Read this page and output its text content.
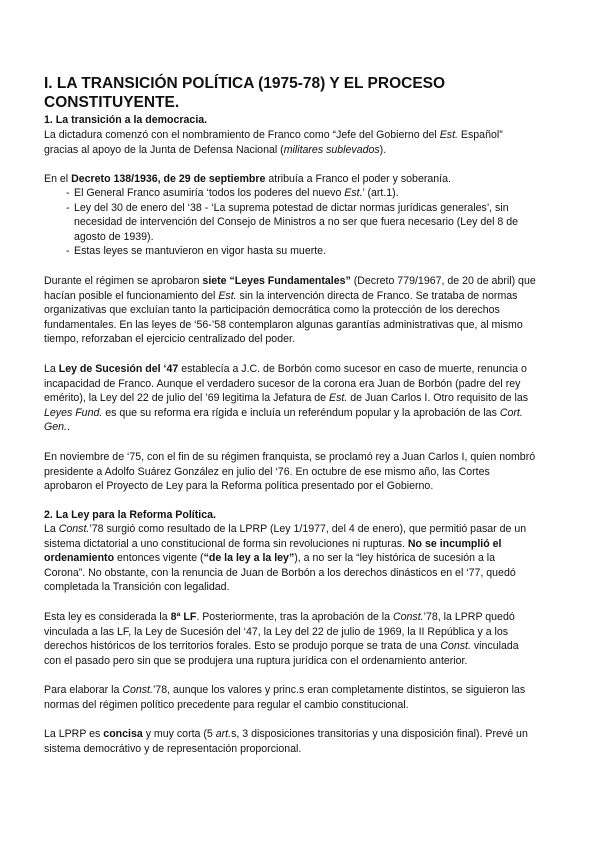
I. LA TRANSICIÓN POLÍTICA (1975-78) Y EL PROCESO
CONSTITUYENTE.
1. La transición a la democracia.

La dictadura comenzó con el nombramiento de Franco como “Jefe del Gobierno del Est. Español”
gracias al apoyo de la Junta de Defensa Nacional (militares sublevados).

En el Decreto 138/1936, de 29 de septiembre atribuía a Franco el poder y soberanía.

- El General Franco asumiría ‘todos los poderes del nuevo Est.’ (art.1).
- Ley del 30 de enero del ‘38 - ‘La suprema potestad de dictar normas jurídicas generales’, sin
necesidad de intervención del Consejo de Ministros a no ser que fuera necesario (Ley del 8 de
agosto de 1939).
- Estas leyes se mantuvieron en vigor hasta su muerte.

Durante el régimen se aprobaron siete “Leyes Fundamentales” (Decreto 779/1967, de 20 de abril) que
hacían posible el funcionamiento del Est. sin la intervención directa de Franco. Se trataba de normas
organizativas que excluían tanto la participación democrática como la protección de los derechos
fundamentales. En las leyes de ‘56-’58 contemplaron algunas garantías administrativas que, al mismo
tiempo, reforzaban el ejercicio centralizado del poder.

La Ley de Sucesión del ‘47 establecía a J.C. de Borbón como sucesor en caso de muerte, renuncia o
incapacidad de Franco. Aunque el verdadero sucesor de la corona era Juan de Borbón (padre del rey
emérito), la Ley del 22 de julio del ’69 legitima la Jefatura de Est. de Juan Carlos I. Otro requisito de las
Leyes Fund. es que su reforma era rígida e incluía un referéndum popular y la aprobación de las Cort.
Gen..

En noviembre de ‘75, con el fin de su régimen franquista, se proclamó rey a Juan Carlos I, quien nombró
presidente a Adolfo Suárez González en julio del ‘76. En octubre de ese mismo año, las Cortes
aprobaron el Proyecto de Ley para la Reforma política presentado por el Gobierno.

2. La Ley para la Reforma Política.

La Const.’78 surgió como resultado de la LPRP (Ley 1/1977, del 4 de enero), que permitió pasar de un
sistema dictatorial a uno constitucional de forma sin revoluciones ni rupturas. No se incumplió el
ordenamiento entonces vigente (“de la ley a la ley”), a no ser la “ley histórica de sucesión a la
Corona”. No obstante, con la renuncia de Juan de Borbón a los derechos dinásticos en el ‘77, quedó
completada la Transición con legalidad.

Esta ley es considerada la 8ª LF. Posteriormente, tras la aprobación de la Const.’78, la LPRP quedó
vinculada a las LF, la Ley de Sucesión del ‘47, la Ley del 22 de julio de 1969, la II República y a los
derechos históricos de los territorios forales. Esto se produjo porque se trata de una Const. vinculada
con el pasado pero sin que se produjera una ruptura jurídica con el ordenamiento anterior.

Para elaborar la Const.’78, aunque los valores y princ.s eran completamente distintos, se siguieron las
normas del régimen político precedente para regular el cambio constitucional.

La LPRP es concisa y muy corta (5 art.s, 3 disposiciones transitorias y una disposición final). Prevé un
sistema democrátivo y de representación proporcional.
